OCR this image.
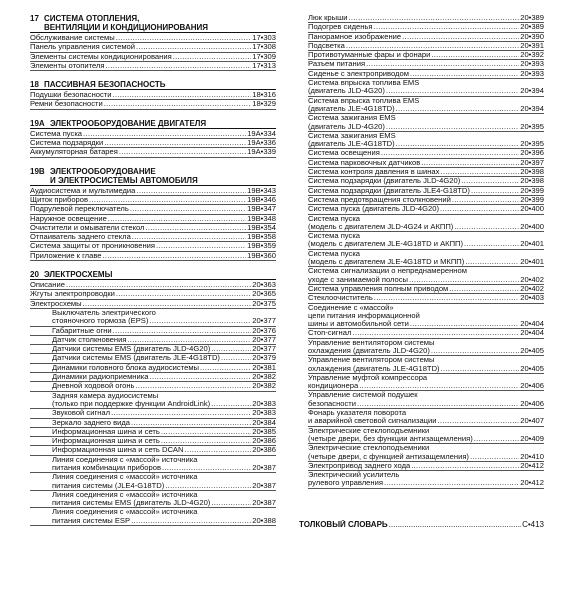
17 СИСТЕМА ОТОПЛЕНИЯ,
ВЕНТИЛЯЦИИ И КОНДИЦИОНИРОВАНИЯ
Обслуживание системы .....	17•303
Панель управления системой .....	17•308
Элементы системы кондиционирования .....	17•309
Элементы отопителя .....	17•313
18 ПАССИВНАЯ БЕЗОПАСНОСТЬ
Подушки безопасности .....	18•316
Ремни безопасности .....	18•329
19A ЭЛЕКТРООБОРУДОВАНИЕ ДВИГАТЕЛЯ
Система пуска .....	19A•334
Система подзарядки .....	19A•336
Аккумуляторная батарея .....	19A•339
19B ЭЛЕКТРООБОРУДОВАНИЕ
И ЭЛЕКТРОСИСТЕМЫ АВТОМОБИЛЯ
Аудиосистема и мультимедиа .....	19B•343
Щиток приборов .....	19B•346
Подрулевой переключатель .....	19B•347
Наружное освещение .....	19B•348
Очистители и омыватели стекол .....	19B•354
Отпаиватель заднего стекла .....	19B•358
Система защиты от проникновения .....	19B•359
Приложение к главе .....	19B•360
20 ЭЛЕКТРОСХЕМЫ
Описание .....	20•363
Жгуты электропроводки .....	20•365
Электросхемы .....	20•375
Выключатель электрического
стояночного тормоза (EPS) .....	20•377
Габаритные огни .....	20•376
Датчик столкновения .....	20•377
Датчики системы EMS (двигатель JLD-4G20) .....	20•377
Датчики системы EMS (двигатель JLE-4G18TD) .....	20•379
Динамики головного блока аудиосистемы .....	20•381
Динамики радиоприемника .....	20•382
Дневной ходовой огонь .....	20•382
Задняя камера аудиосистемы
(только при поддержке функции AndroidLink) .....	20•383
Звуковой сигнал .....	20•383
Зеркало заднего вида .....	20•384
Информационная шина и сеть .....	20•385
Информационная шина и сеть .....	20•386
Информационная шина и сеть DCAN .....	20•386
Линия соединения с «массой» источника
питания комбинации приборов .....	20•387
Линия соединения с «массой» источника
питания системы (JLE4-G18TD) .....	20•387
Линия соединения с «массой» источника
питания системы EMS (двигатель JLD-4G20) .....	20•387
Линия соединения с «массой» источника
питания системы ESP .....	20•388
Люк крыши .....	20•389
Подогрев сиденья .....	20•389
Панорамное изображение .....	20•390
Подсветка .....	20•391
Противотуманные фары и фонари .....	20•392
Разъем питания .....	20•393
Сиденье с электроприводом .....	20•393
Система впрыска топлива EMS
(двигатель JLD-4G20) .....	20•394
Система впрыска топлива EMS
(двигатель JLE-4G18TD) .....	20•394
Система зажигания EMS
(двигатель JLD-4G20) .....	20•395
Система зажигания EMS
(двигатель JLE-4G18TD) .....	20•395
Система освещения .....	20•396
Система парковочных датчиков .....	20•397
Система контроля давления в шинах .....	20•398
Система подзарядки (двигатель JLD-4G20) .....	20•398
Система подзарядки (двигатель JLE4-G18TD) .....	20•399
Система предотвращения столкновений .....	20•399
Система пуска (двигатель JLD-4G20) .....	20•400
Система пуска
(модель с двигателем JLD-4G24 и АКПП) .....	20•400
Система пуска
(модель с двигателем JLE-4G18TD и АКПП) .....	20•401
Система пуска
(модель с двигателем JLE-4G18TD и МКПП) .....	20•401
Система сигнализации о непреднамеренном
уходе с занимаемой полосы .....	20•402
Система управления полным приводом .....	20•402
Стеклоочиститель .....	20•403
Соединение с «массой»
цепи питания информационной
шины и автомобильной сети .....	20•404
Стоп-сигнал .....	20•404
Управление вентилятором системы
охлаждения (двигатель JLD-4G20) .....	20•405
Управление вентилятором системы
охлаждения (двигатель JLE-4G18TD) .....	20•405
Управление муфтой компрессора
кондиционера .....	20•406
Управление системой подушек
безопасности .....	20•406
Фонарь указателя поворота
и аварийной световой сигнализации .....	20•407
Электрические стеклоподъемники
(четыре двери, без функции антизащемления) .....	20•409
Электрические стеклоподъемники
(четыре двери, с функцией антизащемления) .....	20•410
Электропривод заднего хода .....	20•412
Электрический усилитель
рулевого управления .....	20•412
ТОЛКОВЫЙ СЛОВАРЬ .....	С•413
